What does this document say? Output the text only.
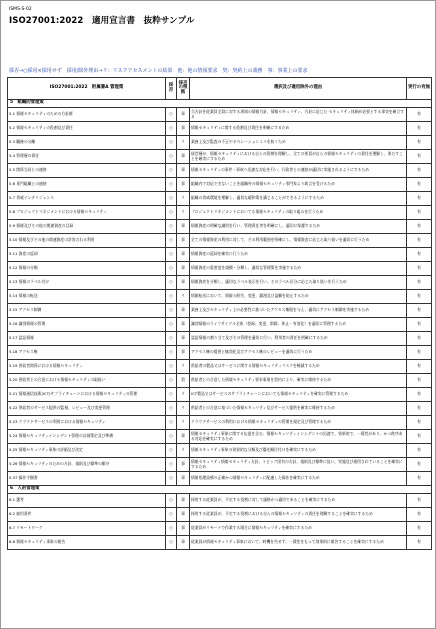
ISMS-S-02
ISO27001:2022　適用宣言書　抜粋サンプル
採否→○採用×採用せず　採用/除外理由→リ：リスクアセスメントの結果　他：他の情報要求　契：契約上の義務　事：事業上の要求
ISO27001:2022　附属書A 管理策	採否	採否の根拠	選択及び適用除外の理由	実行の有無
5　組織的管理策				
5.1 情報セキュリティのための方針群	○	事	当方針を従業員全員に対する周知の情報方針、情報セキュリティ、方針に応じた セキュリティ体制が必要とする事実を確立する	有
5.2 情報セキュリティの役割及び責任	○	事	情報セキュリティに関する役割及び責任を明確にするため	有
5.3 職務の分離	○	リ	業務上及び監査の不正やオペレーションミスを防ぐため	有
5.4 管理層の責任	○	事	経営層が、情報セキュリティにおける自らの役割を理解し、全ての要員が自らの情報セキュリティの責任を理解し、果たすことを確実にするため	有
5.5 関係当局との連絡	○	事	情報セキュリティの事件・事故へ迅速な対応を行い、行政等との連絡が適切に実施されるようにするため	有
5.6 専門組織との連絡	○	事	組織内で対応できないことを組織外の情報セキュリティ専門家より助言を受けるため	有
5.7 脅威インテリジェンス	○	リ	組織の脅威環境を理解し、適切な緩和策を講じることができるようにするため	有
5.8 プロジェクトマネジメントにおける情報セキュリティ	○	リ	プロジェクトマネジメントにおいても情報セキュリティの取り組みを行うため	有
5.9 情報及びその他の関連資産の目録	○	事	情報資産の明確な識別を行い、管理責任者を明確にし、適切に保護するため	有
5.10 情報及びその他の関連資産の許容される利用	○	事	全ての情報資産の利用に対して、その利用範囲を明確にし、情報資産に応じた取り扱いを適切に行うため	有
5.11 資産の返却	○	事	情報資産の返却を確実に行うため	有
5.12 情報の分類	○	事	情報資産の重要度を規模・分類し、適切な管理策を実施するため	有
5.13 情報のラベル付け	○	事	情報資産を分類し、適切なラベル表示を行い、そのラベル区分に応じた取り扱いを行うため	有
5.14 情報の転送	○	リ	情報転送において、情報の紛失、変更、漏洩及び盗難を防止するため	有
5.15 アクセス制御	○	事	業務上及びセキュリティ上の必要性に基づいたアクセス権限を与え、適切にアクセス制御を実施するため	有
5.16 識別情報の管理	○	事	識別情報のライフサイクル全体（登録、変更、削除、休止・有効化）を適切に管理するため	有
5.17 認証情報	○	事	認証情報の割り当て及びその管理を適切に行い、利用者の責任を明確にするため	有
5.18 アクセス権	○	事	アクセス権の提供と無効化及びアクセス権のレビューを適切に行うため	有
5.19 供給者関係における情報セキュリティ	○	リ	供給者の製品又はサービスに関する情報セキュリティリスクを軽減するため	有
5.20 供給者との合意における情報セキュリティの取扱い	○	契	供給者との合意した情報セキュリティ要求事項を契約により、確実に維持するため	有
5.21 情報通信技術(ICT)サプライチェーンにおける情報セキュリティの管理	○	リ	ICT製品又はサービスのサプライチェーンにおいても情報セキュリティを確実に管理するため	有
5.22 供給者のサービス提供の監視、レビュー及び変更管理	○	リ	供給者との合意に基づいた情報セキュリティ及びサービス提供を確実に維持するため	有
5.23 クラウドサービスの利用における情報セキュリティ	○	リ	クラウドサービスの利用における情報セキュリティの管理を規定及び管理するため	有
5.24 情報セキュリティインシデント管理の計画策定及び準備	○	事	情報セキュリティ事象に関する伝達を含む、情報セキュリティインシデントの迅速で、効果的で、一貫性があり、かつ秩序ある対応を確実にするため	有
5.25 情報セキュリティ事象の評価及び決定	○	リ	情報セキュリティ事象の効果的な分類及び優先順位付けを確実にするため	有
5.26 情報セキュリティのための方針、規則及び標準の順守	○	事	情報セキュリティ情報セキュリティ方針、トピック固有の方針、規則及び標準に従い、実施及び運用されていることを確実にするため	有
5.37 操作手順書	○	事	情報処理設備の正確かつ情報セキュリティに配慮した操作を確実にするため	有
6　人的管理策				
6.1 選考	○	事	採用する従業員が、予定する役割に対して適格かつ適切であることを確実にするため	有
6.2 雇用条件	○	事	採用する従業員が、予定する役割における自らの情報セキュリティの責任を理解することを確実にするため	有
6.7 リモートワーク	○	事	従業員がリモートで作業する場合に情報セキュリティを確実にするため	有
6.8 情報セキュリティ事象の報告	○	事	従業員が情報セキュリティ事象において、時機を失せず、一貫性をもって効果的に報告することを確実にするため	有
